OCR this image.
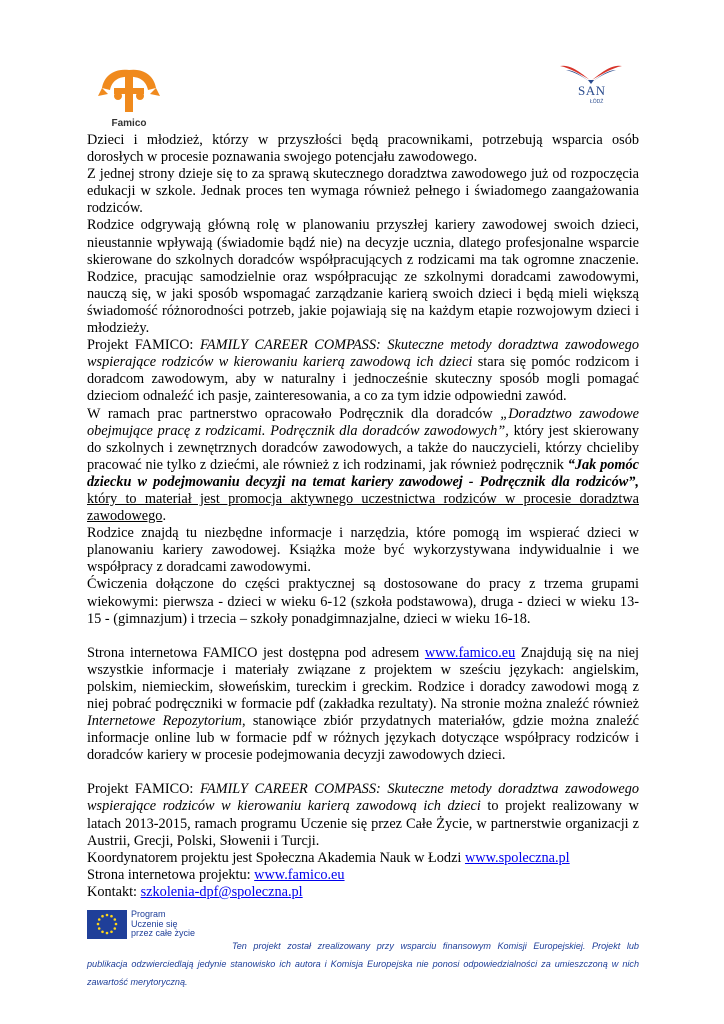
Famico
SAN
ŁÓDŹ

Dzieci i młodzież, którzy w przyszłości będą pracownikami, potrzebują wsparcia osób dorosłych w procesie poznawania swojego potencjału zawodowego.

Z jednej strony dzieje się to za sprawą skutecznego doradztwa zawodowego już od rozpoczęcia edukacji w szkole. Jednak proces ten wymaga również pełnego i świadomego zaangażowania rodziców.

Rodzice odgrywają główną rolę w planowaniu przyszłej kariery zawodowej swoich dzieci, nieustannie wpływają (świadomie bądź nie) na decyzje ucznia, dlatego profesjonalne wsparcie skierowane do szkolnych doradców współpracujących z rodzicami ma tak ogromne znaczenie. Rodzice, pracując samodzielnie oraz współpracując ze szkolnymi doradcami zawodowymi, nauczą się, w jaki sposób wspomagać zarządzanie karierą swoich dzieci i będą mieli większą świadomość różnorodności potrzeb, jakie pojawiają się na każdym etapie rozwojowym dzieci i młodzieży.

Projekt FAMICO: FAMILY CAREER COMPASS: Skuteczne metody doradztwa zawodowego wspierające rodziców w kierowaniu karierą zawodową ich dzieci stara się pomóc rodzicom i doradcom zawodowym, aby w naturalny i jednocześnie skuteczny sposób mogli pomagać dzieciom odnaleźć ich pasje, zainteresowania, a co za tym idzie odpowiedni zawód.

W ramach prac partnerstwo opracowało Podręcznik dla doradców „Doradztwo zawodowe obejmujące pracę z rodzicami. Podręcznik dla doradców zawodowych”, który jest skierowany do szkolnych i zewnętrznych doradców zawodowych, a także do nauczycieli, którzy chcieliby pracować nie tylko z dziećmi, ale również z ich rodzinami, jak również podręcznik “Jak pomóc dziecku w podejmowaniu decyzji na temat kariery zawodowej - Podręcznik dla rodziców”, który to materiał jest promocja aktywnego uczestnictwa rodziców w procesie doradztwa zawodowego.

Rodzice znajdą tu niezbędne informacje i narzędzia, które pomogą im wspierać dzieci w planowaniu kariery zawodowej. Książka może być wykorzystywana indywidualnie i we współpracy z doradcami zawodowymi.

Ćwiczenia dołączone do części praktycznej są dostosowane do pracy z trzema grupami wiekowymi: pierwsza - dzieci w wieku 6-12 (szkoła podstawowa), druga - dzieci w wieku 13-15 - (gimnazjum) i trzecia – szkoły ponadgimnazjalne, dzieci w wieku 16-18.

Strona internetowa FAMICO jest dostępna pod adresem www.famico.eu Znajdują się na niej wszystkie informacje i materiały związane z projektem w sześciu językach: angielskim, polskim, niemieckim, słoweńskim, tureckim i greckim. Rodzice i doradcy zawodowi mogą z niej pobrać podręczniki w formacie pdf (zakładka rezultaty). Na stronie można znaleźć również Internetowe Repozytorium, stanowiące zbiór przydatnych materiałów, gdzie można znaleźć informacje online lub w formacie pdf w różnych językach dotyczące współpracy rodziców i doradców kariery w procesie podejmowania decyzji zawodowych dzieci.

Projekt FAMICO: FAMILY CAREER COMPASS: Skuteczne metody doradztwa zawodowego wspierające rodziców w kierowaniu karierą zawodową ich dzieci to projekt realizowany w latach 2013-2015, ramach programu Uczenie się przez Całe Życie, w partnerstwie organizacji z Austrii, Grecji, Polski, Słowenii i Turcji.

Koordynatorem projektu jest Społeczna Akademia Nauk w Łodzi www.spoleczna.pl

Strona internetowa projektu: www.famico.eu

Kontakt: szkolenia-dpf@spoleczna.pl

Program
Uczenie się
przez całe życie

Ten projekt został zrealizowany przy wsparciu finansowym Komisji Europejskiej. Projekt lub publikacja odzwierciedlają jedynie stanowisko ich autora i Komisja Europejska nie ponosi odpowiedzialności za umieszczoną w nich zawartość merytoryczną.
